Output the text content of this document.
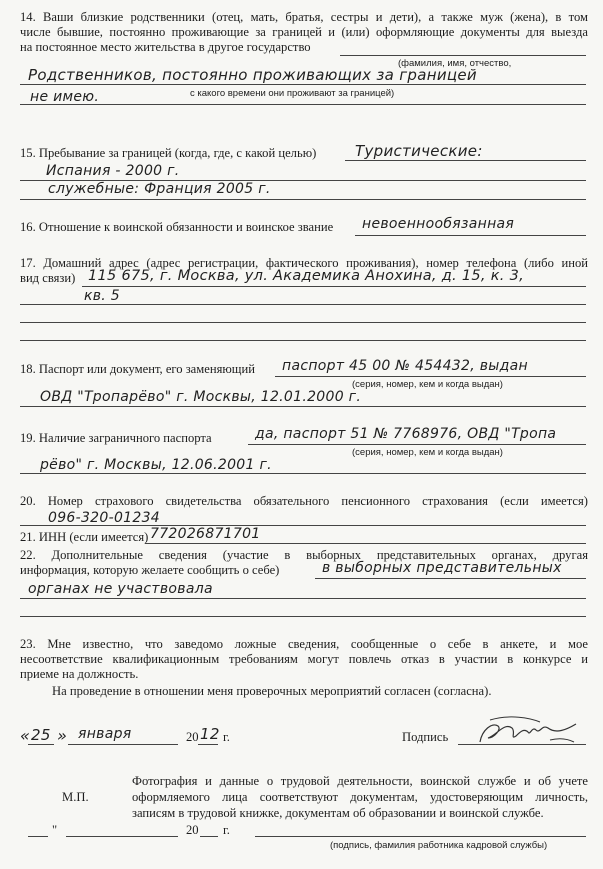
14. Ваши близкие родственники (отец, мать, братья, сестры и дети), а также муж (жена), в том
числе бывшие, постоянно проживающие за границей и (или) оформляющие документы для выезда
на постоянное место жительства в другое государство
(фамилия, имя, отчество,
Родственников, постоянно проживающих за границей
с какого времени они проживают за границей)
не имею.
15. Пребывание за границей (когда, где, с какой целью)	Туристические:
Испания - 2000 г.
служебные: Франция 2005 г.
16. Отношение к воинской обязанности и воинское звание невоеннообязанная
17. Домашний адрес (адрес регистрации, фактического проживания), номер телефона (либо иной
вид связи) 115 675, г. Москва, ул. Академика Анохина, д. 15, к. 3,
кв. 5
18. Паспорт или документ, его заменяющий паспорт 45 00 № 454432, выдан
(серия, номер, кем и когда выдан)
ОВД "Тропарёво" г. Москвы, 12.01.2000 г.
19. Наличие заграничного паспорта	да, паспорт 51 № 7768976, ОВД "Тропа
(серия, номер, кем и когда выдан)
рёво" г. Москвы, 12.06.2001 г.
20. Номер страхового свидетельства обязательного пенсионного страхования (если имеется)
096-320-01234
21. ИНН (если имеется) 772026871701
22. Дополнительные сведения (участие в выборных представительных органах, другая
информация, которую желаете сообщить о себе)	в выборных представительных
органах не участвовала
23. Мне известно, что заведомо ложные сведения, сообщенные о себе в анкете, и мое
несоответствие квалификационным требованиям могут повлечь отказ в участии в конкурсе и
приеме на должность.
На проведение в отношении меня проверочных мероприятий согласен (согласна).
« 25 » января	20 12 г.	Подпись
М.П.
Фотография и данные о трудовой деятельности, воинской службе и об учете
оформляемого лица соответствуют документам, удостоверяющим личность,
записям в трудовой книжке, документам об образовании и воинской службе.
"	20 г.
(подпись, фамилия работника кадровой службы)
